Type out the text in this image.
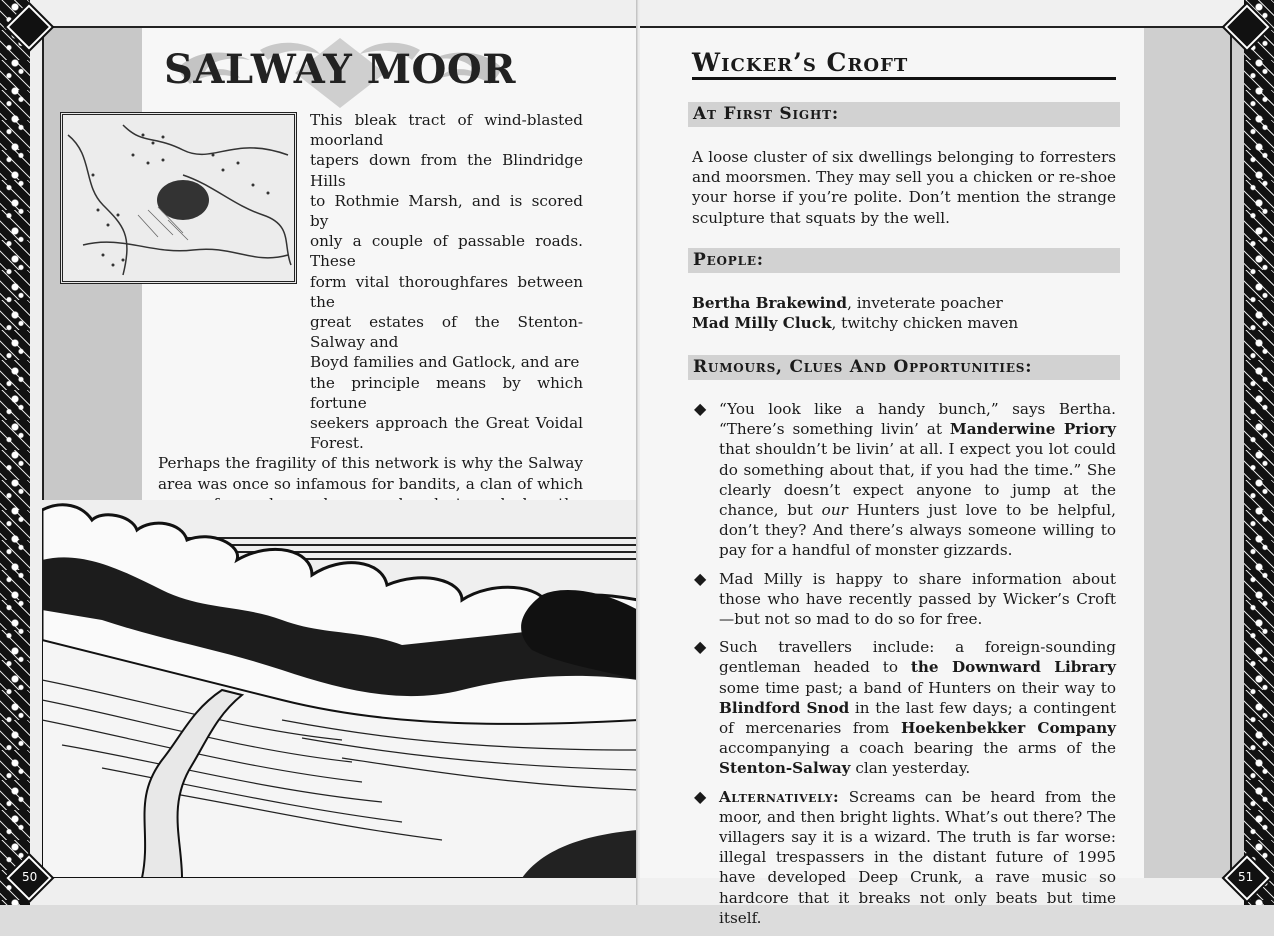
SALWAY MOOR

This bleak tract of wind-blasted moorland

tapers down from the Blindridge Hills

to Rothmie Marsh, and is scored by

only a couple of passable roads. These

form vital thoroughfares between the

great estates of the Stenton-Salway and

Boyd families and Gatlock, and are

the principle means by which fortune

seekers approach the Great Voidal Forest.

Perhaps the fragility of this network is why the Salway area was once so infamous for bandits, a clan of which

50
Wicker’s Croft
At First Sight:

A loose cluster of six dwellings belonging to forresters and moorsmen. They may sell you a chicken or re-shoe your horse if you’re polite. Don’t mention the strange sculpture that squats by the well.

People:

Bertha Brakewind, inveterate poacher

Mad Milly Cluck, twitchy chicken maven

Rumours, Clues And Opportunities:
◆ “You look like a handy bunch,” says Bertha. “There’s something livin’ at Manderwine Priory that shouldn’t be livin’ at all. I expect you lot could do something about that, if you had the time.” She clearly doesn’t expect anyone to jump at the chance, but our Hunters just love to be helpful, don’t they? And there’s always someone willing to pay for a handful of monster gizzards.
◆ Mad Milly is happy to share information about those who have recently passed by Wicker’s Croft—but not so mad to do so for free.
◆ Such travellers include: a foreign-sounding gentleman headed to the Downward Library some time past; a band of Hunters on their way to Blindford Snod in the last few days; a contingent of mercenaries from Hoekenbekker Company accompanying a coach bearing the arms of the Stenton-Salway clan yesterday.
◆ Alternatively: Screams can be heard from the moor, and then bright lights. What’s out there? The villagers say it is a wizard. The truth is far worse: illegal trespassers in the distant future of 1995 have developed Deep Crunk, a rave music so hardcore that it breaks not only beats but time itself.
51
